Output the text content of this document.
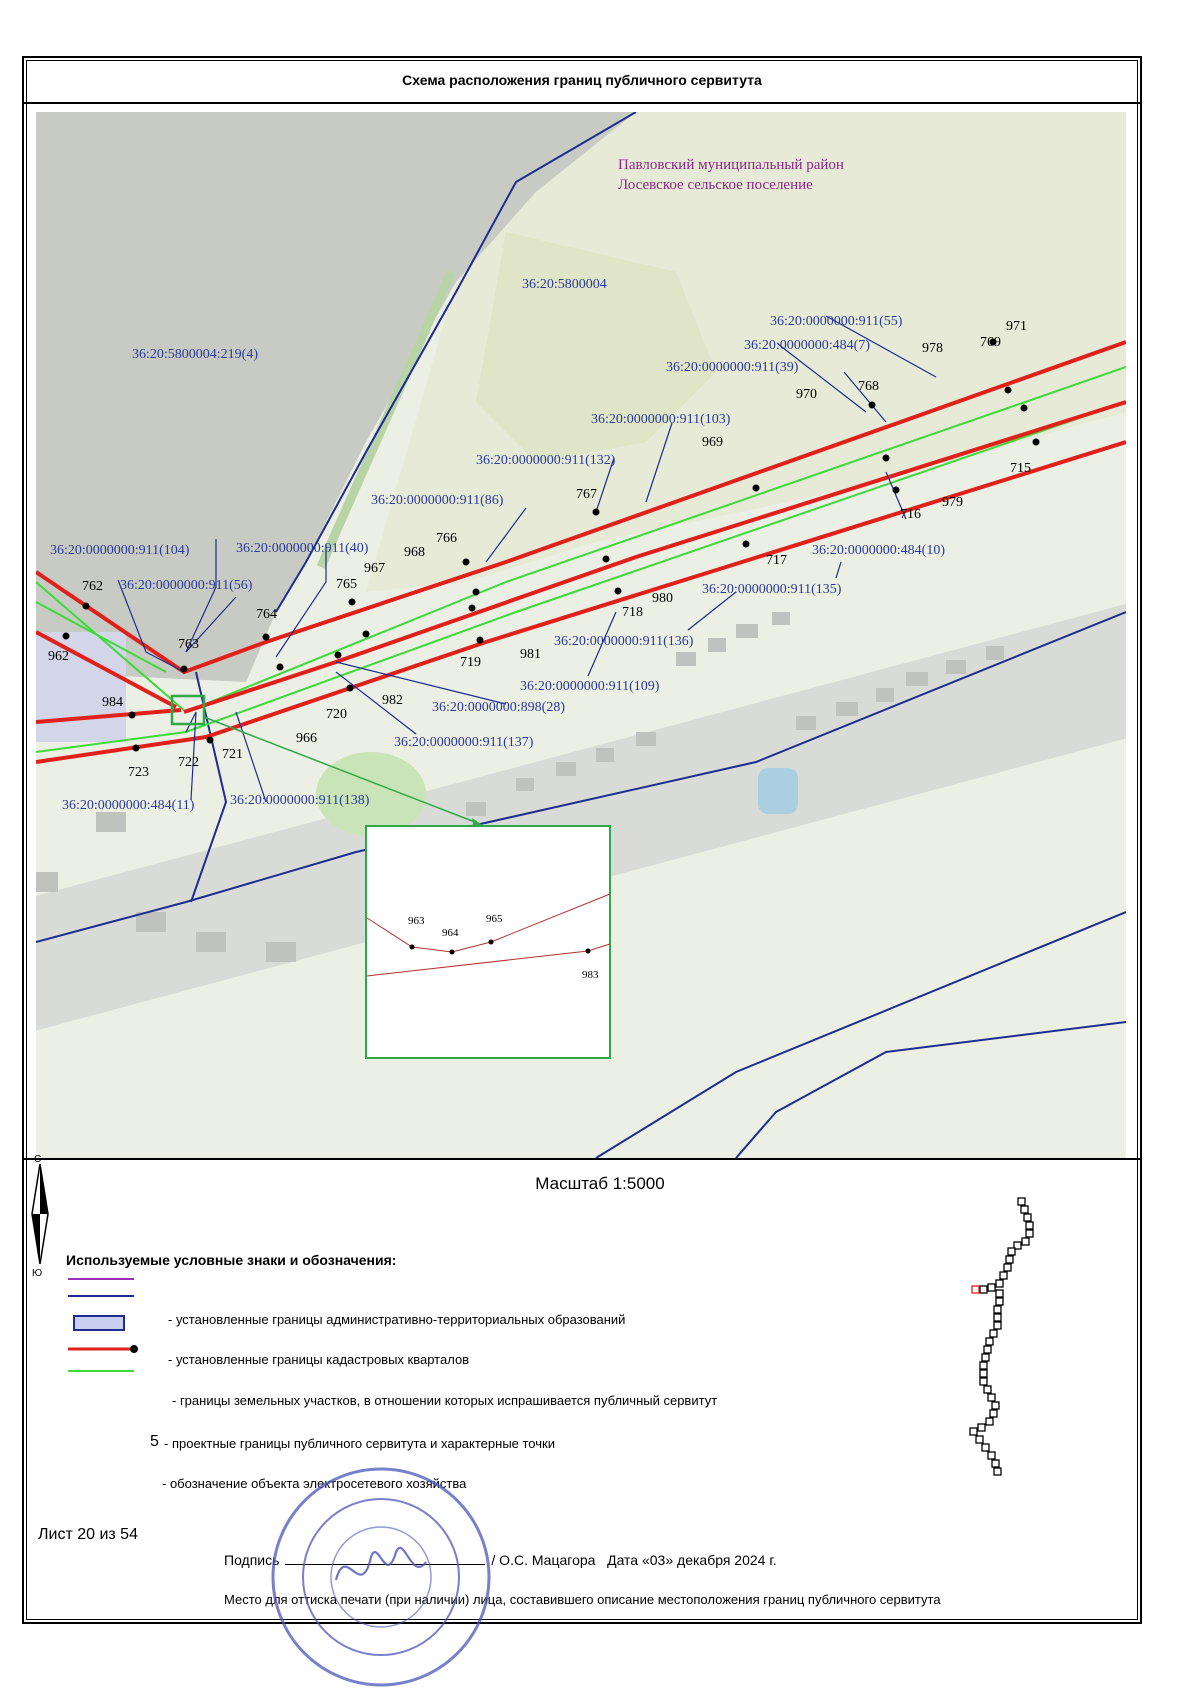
Схема расположения границ публичного сервитута
36:20:5800004
36:20:5800004:219(4)
36:20:0000000:911(55)
36:20:0000000:484(7)
36:20:0000000:911(39)
36:20:0000000:911(103)
36:20:0000000:911(132)
36:20:0000000:911(86)
36:20:0000000:911(104)	36:20:0000000:911(40)
36:20:0000000:911(56)
36:20:0000000:484(10)
36:20:0000000:911(135)
36:20:0000000:911(136)
36:20:0000000:911(109)
36:20:0000000:898(28)
36:20:0000000:911(137)
36:20:0000000:484(11)	36:20:0000000:911(138)
Павловский муниципальный район
Лосевское сельское поселение
971
769
978
768
970
969
715
979
716
767
766
968
717
967
765
980
718
762
764
763
962	981
719
982
984
720
966
721
722
723
963
964
965
983
Ю
С
Масштаб 1:5000
Используемые условные знаки и обозначения:
- установленные границы административно-территориальных образований
- установленные границы кадастровых кварталов
- границы земельных участков, в отношении которых испрашивается публичный сервитут
5 - проектные границы публичного сервитута и характерные точки
- обозначение объекта электросетевого хозяйства
Лист 20 из 54
Подпись	/ О.С. Мацагора Дата «03» декабря 2024 г.
Место для оттиска печати (при наличии) лица, составившего описание местоположения границ публичного сервитута
